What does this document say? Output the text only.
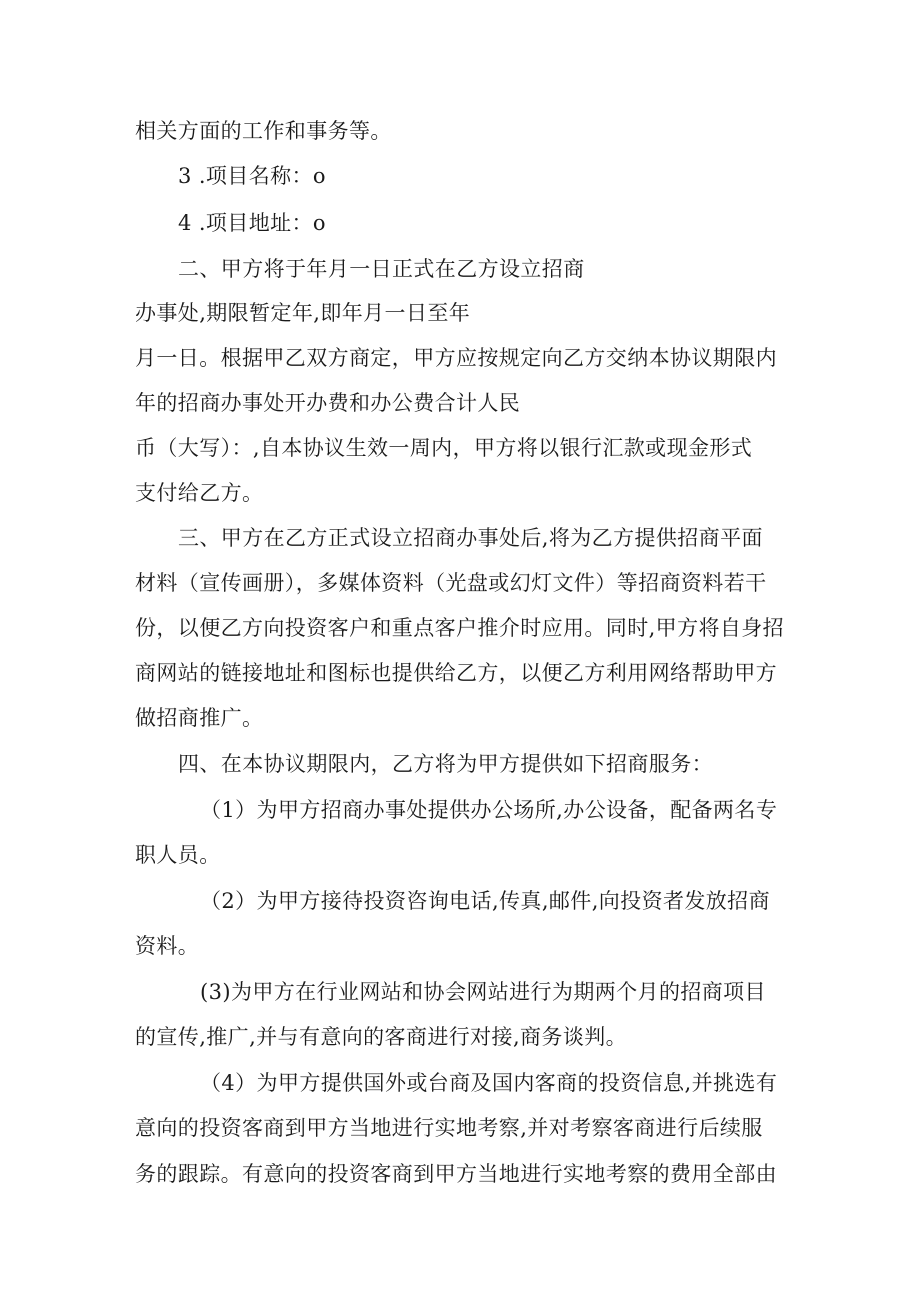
相关方面的工作和事务等。
3 .项目名称：o
4 .项目地址：o
二、甲方将于年月一日正式在乙方设立招商
办事处,期限暂定年,即年月一日至年
月一日。根据甲乙双方商定，甲方应按规定向乙方交纳本协议期限内
年的招商办事处开办费和办公费合计人民
币（大写）：,自本协议生效一周内，甲方将以银行汇款或现金形式
支付给乙方。
三、甲方在乙方正式设立招商办事处后,将为乙方提供招商平面
材料（宣传画册），多媒体资料（光盘或幻灯文件）等招商资料若干
份，以便乙方向投资客户和重点客户推介时应用。同时,甲方将自身招
商网站的链接地址和图标也提供给乙方，以便乙方利用网络帮助甲方
做招商推广。
四、在本协议期限内，乙方将为甲方提供如下招商服务：
（1）为甲方招商办事处提供办公场所,办公设备，配备两名专
职人员。
（2）为甲方接待投资咨询电话,传真,邮件,向投资者发放招商
资料。
(3)为甲方在行业网站和协会网站进行为期两个月的招商项目
的宣传,推广,并与有意向的客商进行对接,商务谈判。
（4）为甲方提供国外或台商及国内客商的投资信息,并挑选有
意向的投资客商到甲方当地进行实地考察,并对考察客商进行后续服
务的跟踪。有意向的投资客商到甲方当地进行实地考察的费用全部由
